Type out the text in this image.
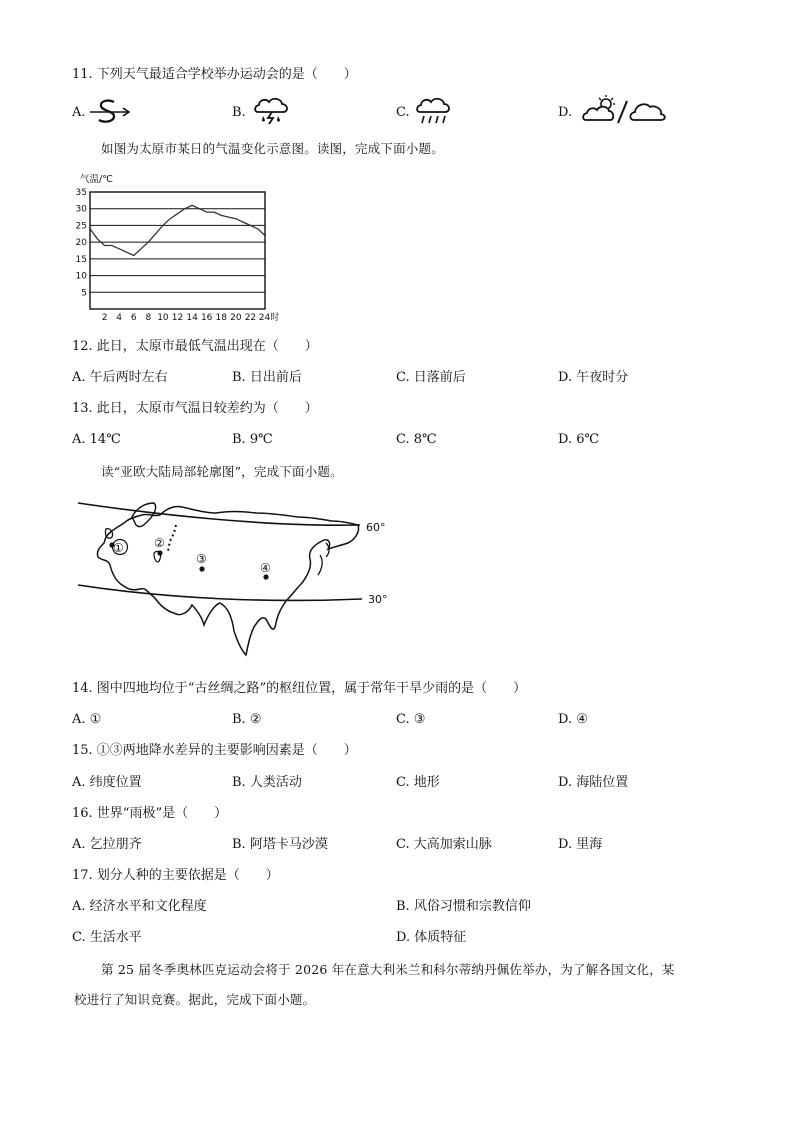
11. 下列天气最适合学校举办运动会的是（　　）
A.	B.	C.	D.
如图为太原市某日的气温变化示意图。读图，完成下面小题。
气温/℃
5
10
15
20
25
30
35
2 4 6 8 10 12 14 16 18 20 22 24时
12. 此日，太原市最低气温出现在（　　）
A. 午后两时左右	B. 日出前后	C. 日落前后	D. 午夜时分
13. 此日，太原市气温日较差约为（　　）
A. 14℃	B. 9℃	C. 8℃	D. 6℃
读“亚欧大陆局部轮廓图”，完成下面小题。
60°
30°
①	②
③
④
14. 图中四地均位于“古丝绸之路”的枢纽位置，属于常年干旱少雨的是（　　）
A. ①	B. ②	C. ③	D. ④
15. ①③两地降水差异的主要影响因素是（　　）
A. 纬度位置	B. 人类活动	C. 地形	D. 海陆位置
16. 世界“雨极”是（　　）
A. 乞拉朋齐	B. 阿塔卡马沙漠	C. 大高加索山脉	D. 里海
17. 划分人种的主要依据是（　　）
A. 经济水平和文化程度	B. 风俗习惯和宗教信仰
C. 生活水平	D. 体质特征
第 25 届冬季奥林匹克运动会将于 2026 年在意大利米兰和科尔蒂纳丹佩佐举办，为了解各国文化，某
校进行了知识竞赛。据此，完成下面小题。
